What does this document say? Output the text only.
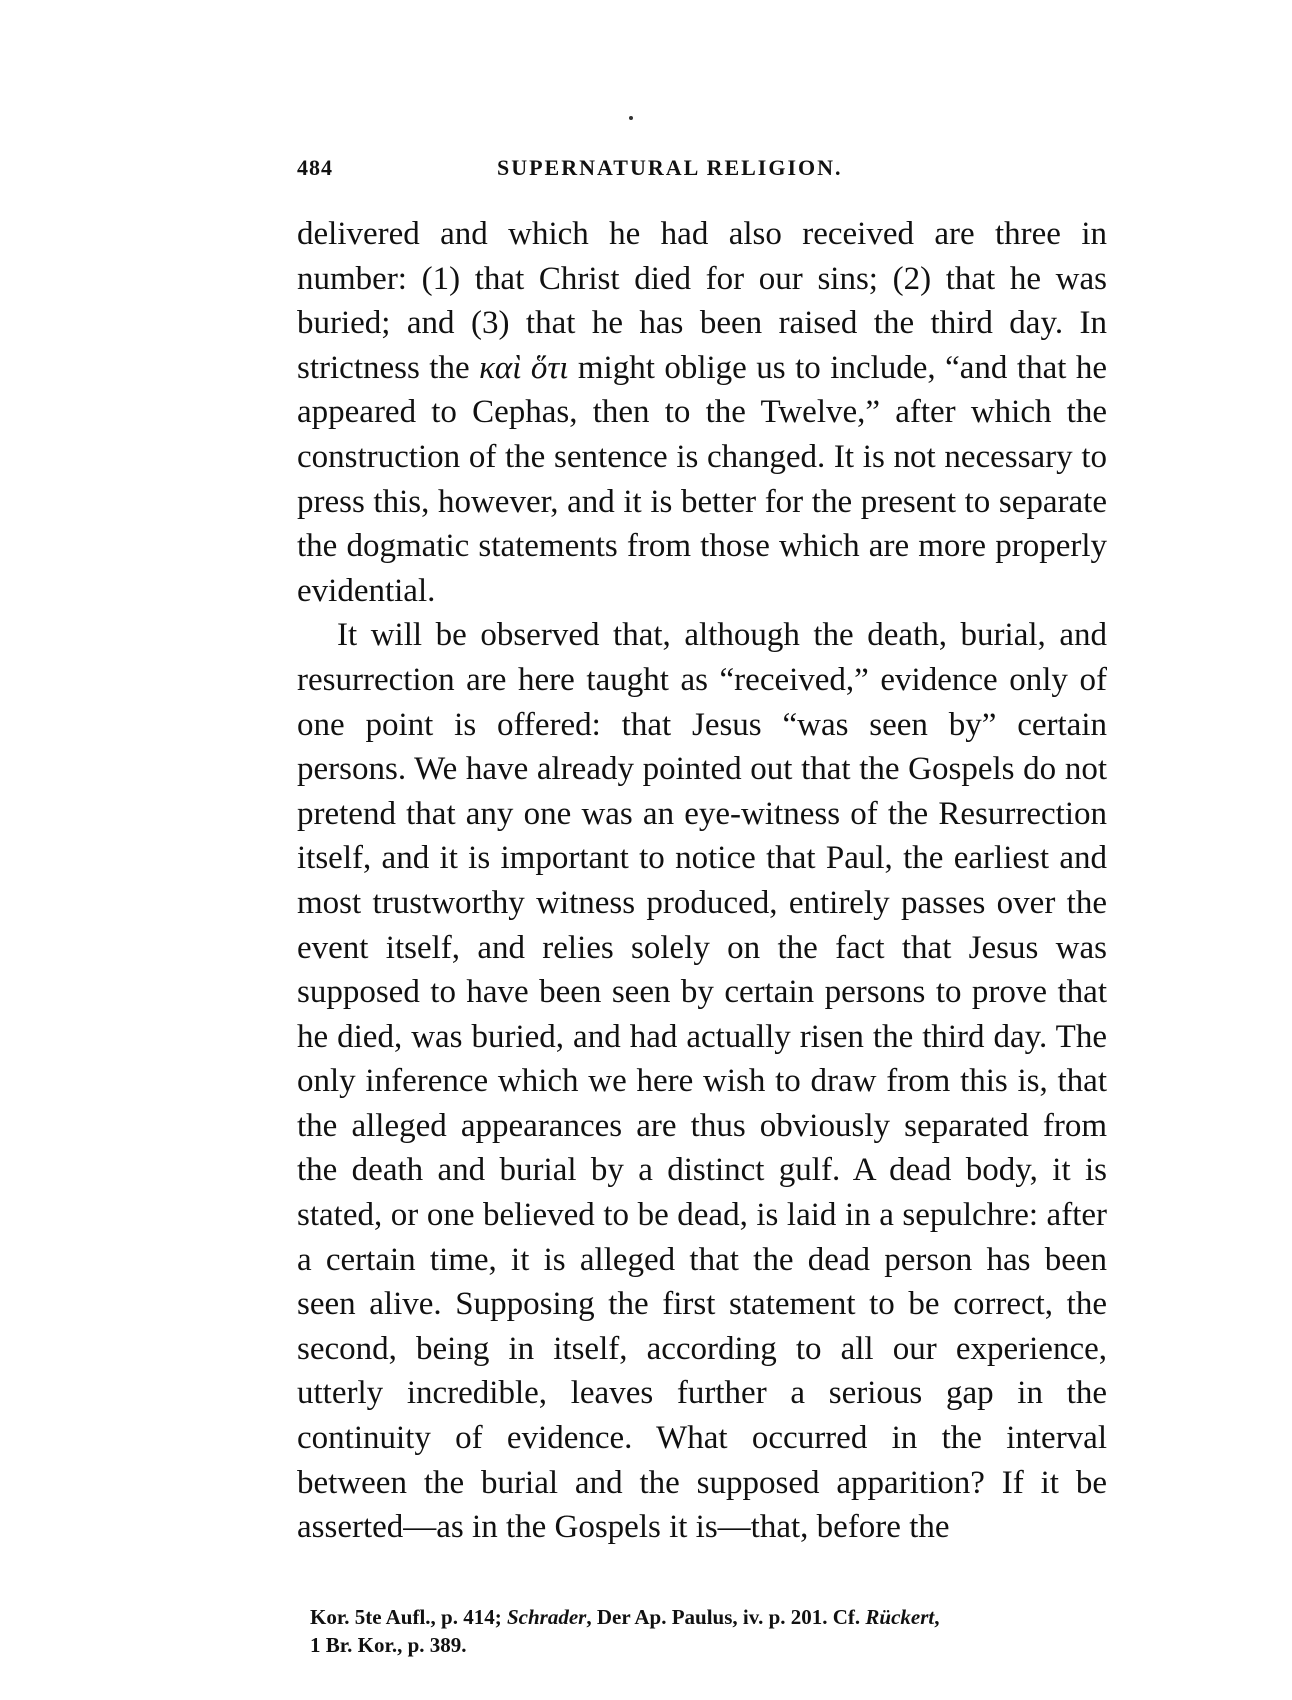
484	SUPERNATURAL RELIGION.

delivered and which he had also received are three in number: (1) that Christ died for our sins; (2) that he was buried; and (3) that he has been raised the third day. In strictness the καὶ ὅτι might oblige us to include, “and that he appeared to Cephas, then to the Twelve,” after which the construction of the sentence is changed. It is not necessary to press this, however, and it is better for the present to separate the dogmatic statements from those which are more properly evidential.

It will be observed that, although the death, burial, and resurrection are here taught as “received,” evidence only of one point is offered: that Jesus “was seen by” certain persons. We have already pointed out that the Gospels do not pretend that any one was an eye-witness of the Resurrection itself, and it is important to notice that Paul, the earliest and most trustworthy witness produced, entirely passes over the event itself, and relies solely on the fact that Jesus was supposed to have been seen by certain persons to prove that he died, was buried, and had actually risen the third day. The only inference which we here wish to draw from this is, that the alleged appearances are thus obviously separated from the death and burial by a distinct gulf. A dead body, it is stated, or one believed to be dead, is laid in a sepulchre: after a certain time, it is alleged that the dead person has been seen alive. Supposing the first statement to be correct, the second, being in itself, according to all our experience, utterly incredible, leaves further a serious gap in the continuity of evidence. What occurred in the interval between the burial and the supposed apparition? If it be asserted—as in the Gospels it is—that, before the

Kor. 5te Aufl., p. 414; Schrader, Der Ap. Paulus, iv. p. 201. Cf. Rückert,

1 Br. Kor., p. 389.
